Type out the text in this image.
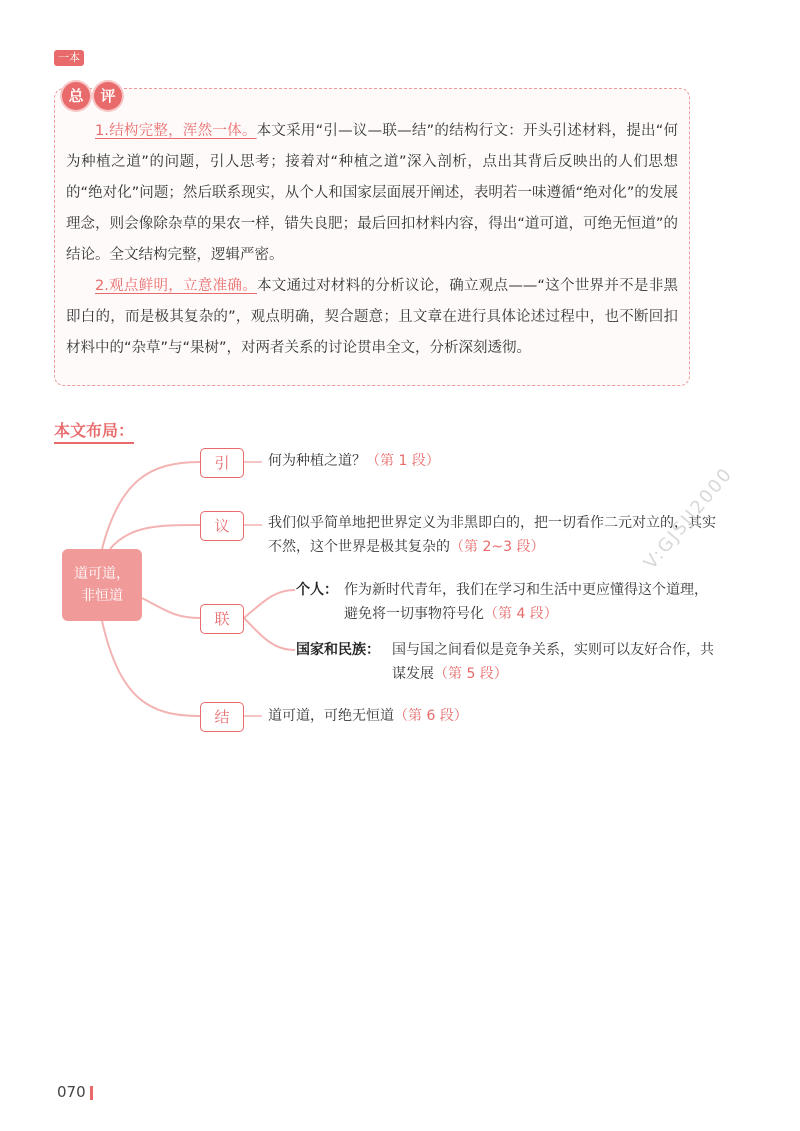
一本
总	评

1.结构完整，浑然一体。本文采用“引—议—联—结”的结构行文：开头引述材料，提出“何为种植之道”的问题，引人思考；接着对“种植之道”深入剖析，点出其背后反映出的人们思想的“绝对化”问题；然后联系现实，从个人和国家层面展开阐述，表明若一味遵循“绝对化”的发展理念，则会像除杂草的果农一样，错失良肥；最后回扣材料内容，得出“道可道，可绝无恒道”的结论。全文结构完整，逻辑严密。

2.观点鲜明，立意准确。本文通过对材料的分析议论，确立观点——“这个世界并不是非黑即白的，而是极其复杂的”，观点明确，契合题意；且文章在进行具体论述过程中，也不断回扣材料中的“杂草”与“果树”，对两者关系的讨论贯串全文，分析深刻透彻。

本文布局：
道可道，
非恒道
引
议
联
结
何为种植之道？（第 1 段）
我们似乎简单地把世界定义为非黑即白的，把一切看作二元对立的，其实不然，这个世界是极其复杂的（第 2~3 段）
个人： 作为新时代青年，我们在学习和生活中更应懂得这个道理，避免将一切事物符号化（第 4 段）
国家和民族： 国与国之间看似是竞争关系，实则可以友好合作，共谋发展（第 5 段）
道可道，可绝无恒道（第 6 段）
V:GJSJJ2000
070
